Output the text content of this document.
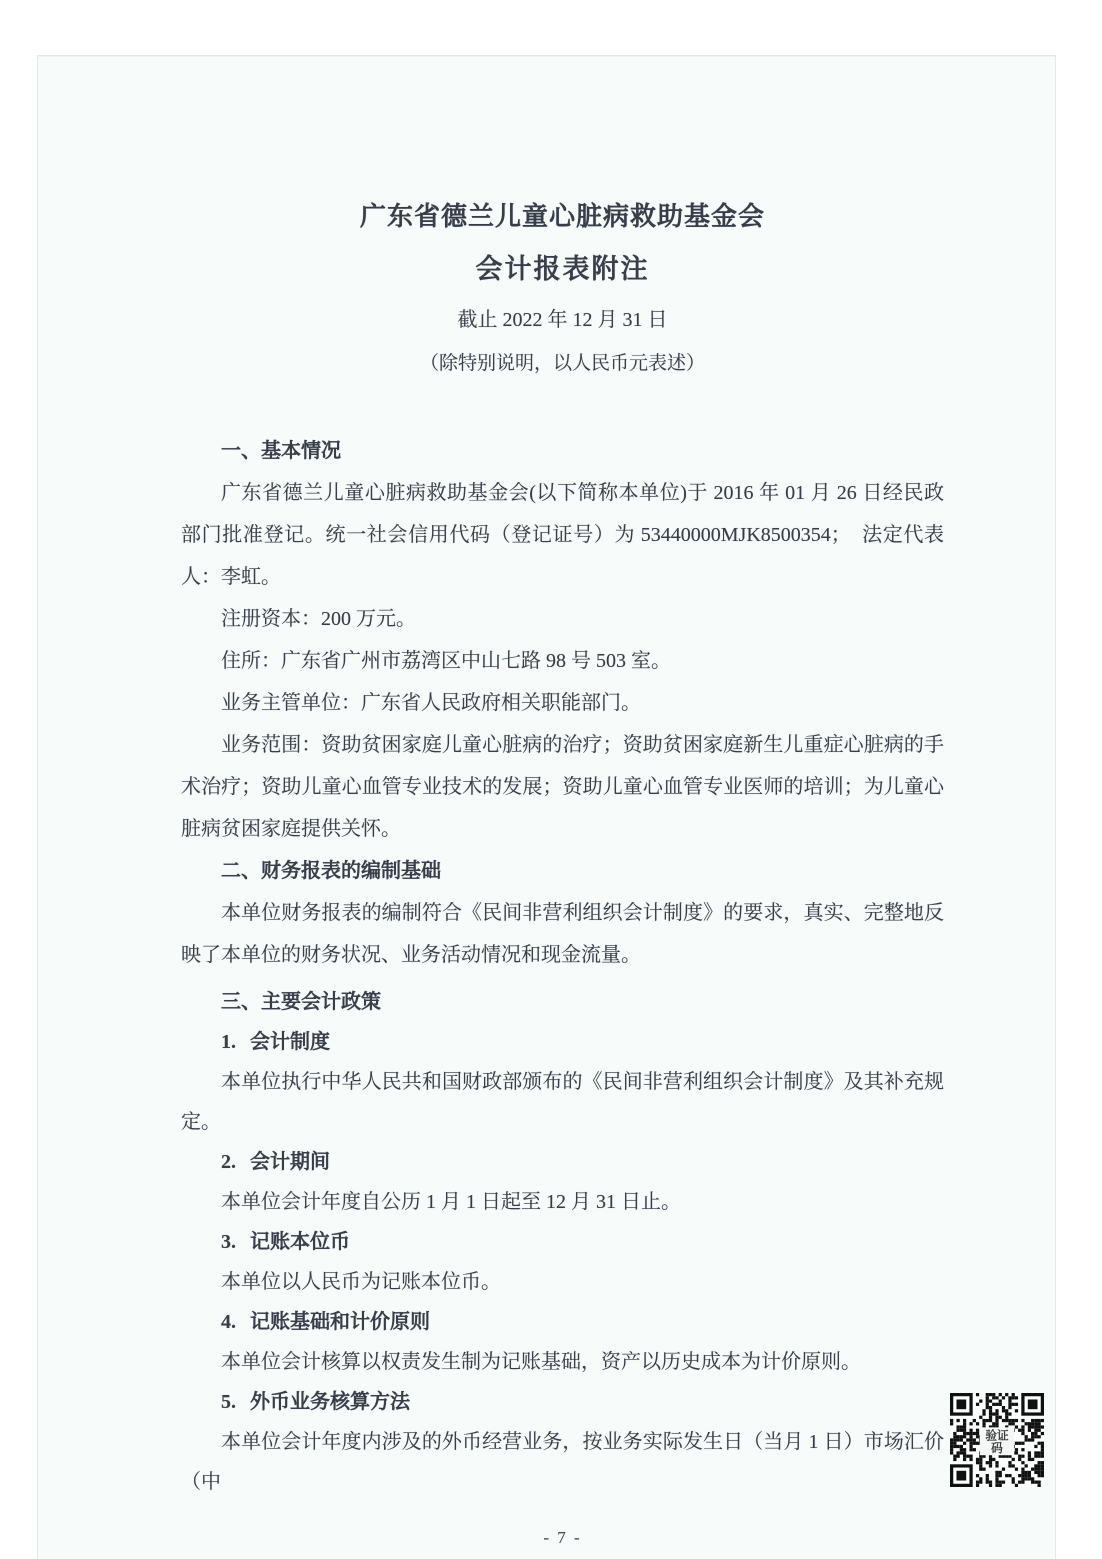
广东省德兰儿童心脏病救助基金会
会计报表附注
截止 2022 年 12 月 31 日
（除特别说明，以人民币元表述）
一、基本情况

广东省德兰儿童心脏病救助基金会(以下简称本单位)于 2016 年 01 月 26 日经民政部门批准登记。统一社会信用代码（登记证号）为 53440000MJK8500354；　法定代表人：李虹。

注册资本：200 万元。

住所：广东省广州市荔湾区中山七路 98 号 503 室。

业务主管单位：广东省人民政府相关职能部门。

业务范围：资助贫困家庭儿童心脏病的治疗；资助贫困家庭新生儿重症心脏病的手术治疗；资助儿童心血管专业技术的发展；资助儿童心血管专业医师的培训；为儿童心脏病贫困家庭提供关怀。

二、财务报表的编制基础

本单位财务报表的编制符合《民间非营利组织会计制度》的要求，真实、完整地反映了本单位的财务状况、业务活动情况和现金流量。

三、主要会计政策
1. 会计制度

本单位执行中华人民共和国财政部颁布的《民间非营利组织会计制度》及其补充规定。

2. 会计期间

本单位会计年度自公历 1 月 1 日起至 12 月 31 日止。

3. 记账本位币

本单位以人民币为记账本位币。

4. 记账基础和计价原则

本单位会计核算以权责发生制为记账基础，资产以历史成本为计价原则。

5. 外币业务核算方法

本单位会计年度内涉及的外币经营业务，按业务实际发生日（当月 1 日）市场汇价（中

- 7 -
验证
码
